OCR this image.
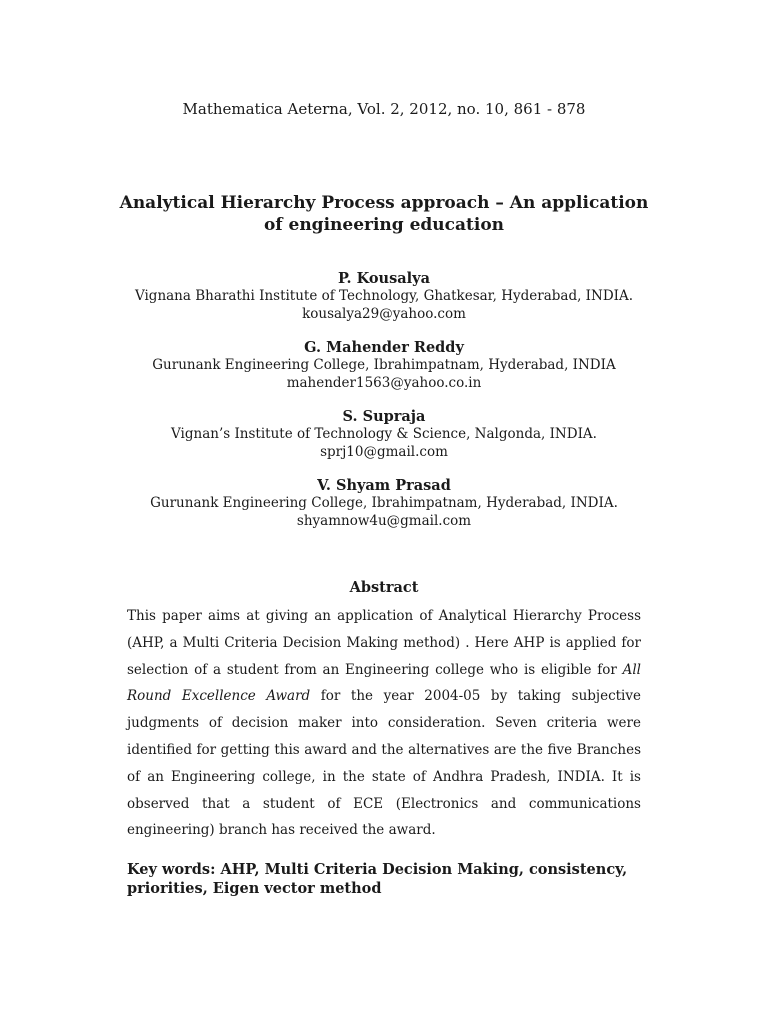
Mathematica Aeterna, Vol. 2, 2012, no. 10, 861 - 878
Analytical Hierarchy Process approach – An application
of engineering education
P. Kousalya
Vignana Bharathi Institute of Technology, Ghatkesar, Hyderabad, INDIA.
kousalya29@yahoo.com
G. Mahender Reddy
Gurunank Engineering College, Ibrahimpatnam, Hyderabad, INDIA
mahender1563@yahoo.co.in
S. Supraja
Vignan’s Institute of Technology & Science, Nalgonda, INDIA.
sprj10@gmail.com
V. Shyam Prasad
Gurunank Engineering College, Ibrahimpatnam, Hyderabad, INDIA.
shyamnow4u@gmail.com
Abstract
This paper aims at giving an application of Analytical Hierarchy Process (AHP, a Multi Criteria Decision Making method) . Here AHP is applied for selection of a student from an Engineering college who is eligible for All Round Excellence Award for the year 2004-05 by taking subjective judgments of decision maker into consideration. Seven criteria were identified for getting this award and the alternatives are the five Branches of an Engineering college, in the state of Andhra Pradesh, INDIA. It is observed that a student of ECE (Electronics and communications engineering) branch has received the award.
Key words: AHP, Multi Criteria Decision Making, consistency, priorities, Eigen vector method
